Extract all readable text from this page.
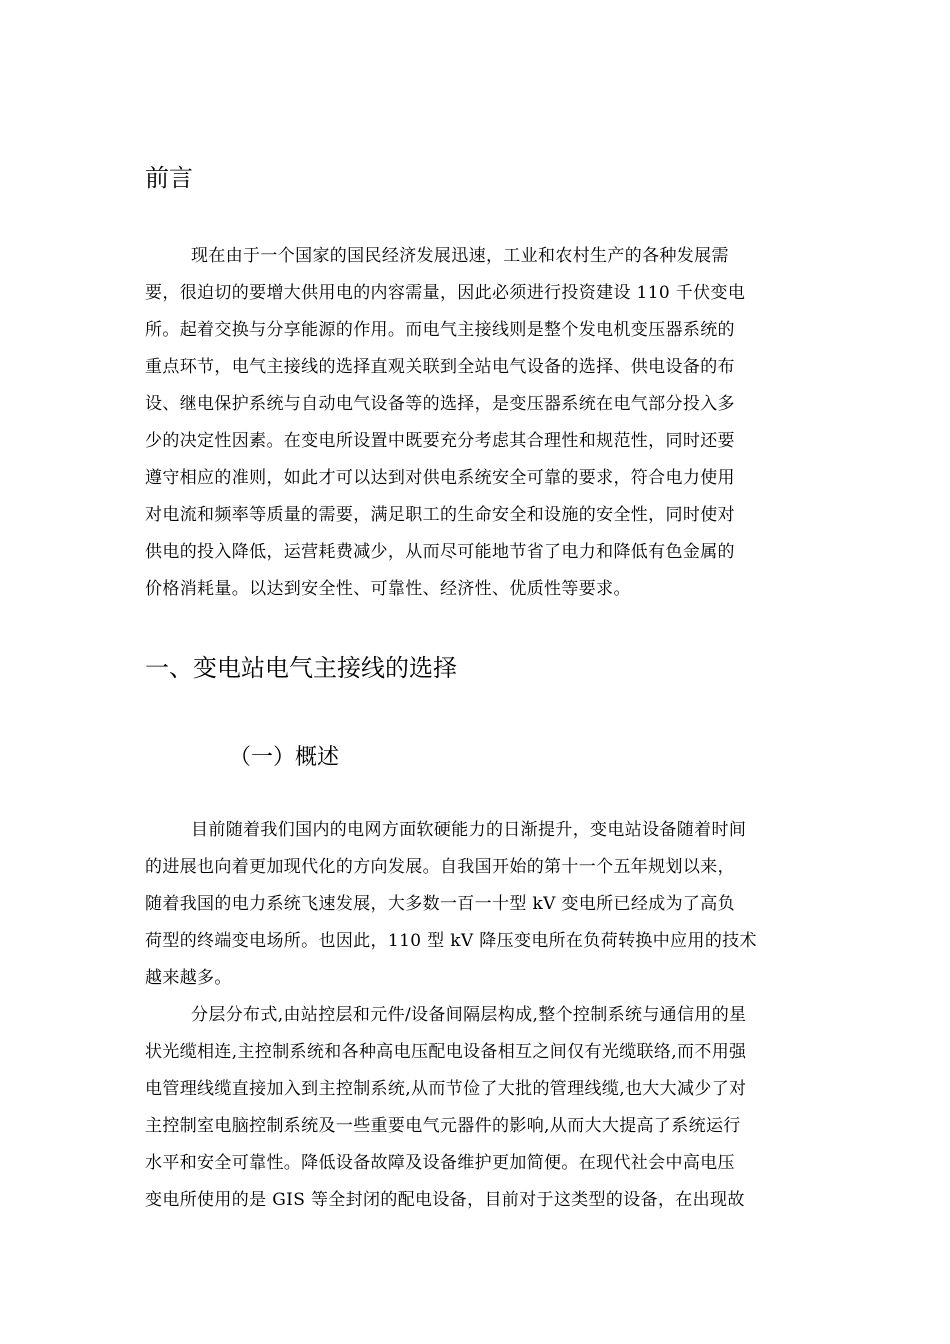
前言
现在由于一个国家的国民经济发展迅速，工业和农村生产的各种发展需
要，很迫切的要增大供用电的内容需量，因此必须进行投资建设 110 千伏变电
所。起着交换与分享能源的作用。而电气主接线则是整个发电机变压器系统的
重点环节，电气主接线的选择直观关联到全站电气设备的选择、供电设备的布
设、继电保护系统与自动电气设备等的选择，是变压器系统在电气部分投入多
少的决定性因素。在变电所设置中既要充分考虑其合理性和规范性，同时还要
遵守相应的准则，如此才可以达到对供电系统安全可靠的要求，符合电力使用
对电流和频率等质量的需要，满足职工的生命安全和设施的安全性，同时使对
供电的投入降低，运营耗费减少，从而尽可能地节省了电力和降低有色金属的
价格消耗量。以达到安全性、可靠性、经济性、优质性等要求。
一、变电站电气主接线的选择
（一）概述
目前随着我们国内的电网方面软硬能力的日渐提升，变电站设备随着时间
的进展也向着更加现代化的方向发展。自我国开始的第十一个五年规划以来，
随着我国的电力系统飞速发展，大多数一百一十型 kV 变电所已经成为了高负
荷型的终端变电场所。也因此，110 型 kV 降压变电所在负荷转换中应用的技术
越来越多。
分层分布式,由站控层和元件/设备间隔层构成,整个控制系统与通信用的星
状光缆相连,主控制系统和各种高电压配电设备相互之间仅有光缆联络,而不用强
电管理线缆直接加入到主控制系统,从而节俭了大批的管理线缆,也大大减少了对
主控制室电脑控制系统及一些重要电气元器件的影响,从而大大提高了系统运行
水平和安全可靠性。降低设备故障及设备维护更加简便。在现代社会中高电压
变电所使用的是 GIS 等全封闭的配电设备，目前对于这类型的设备，在出现故
